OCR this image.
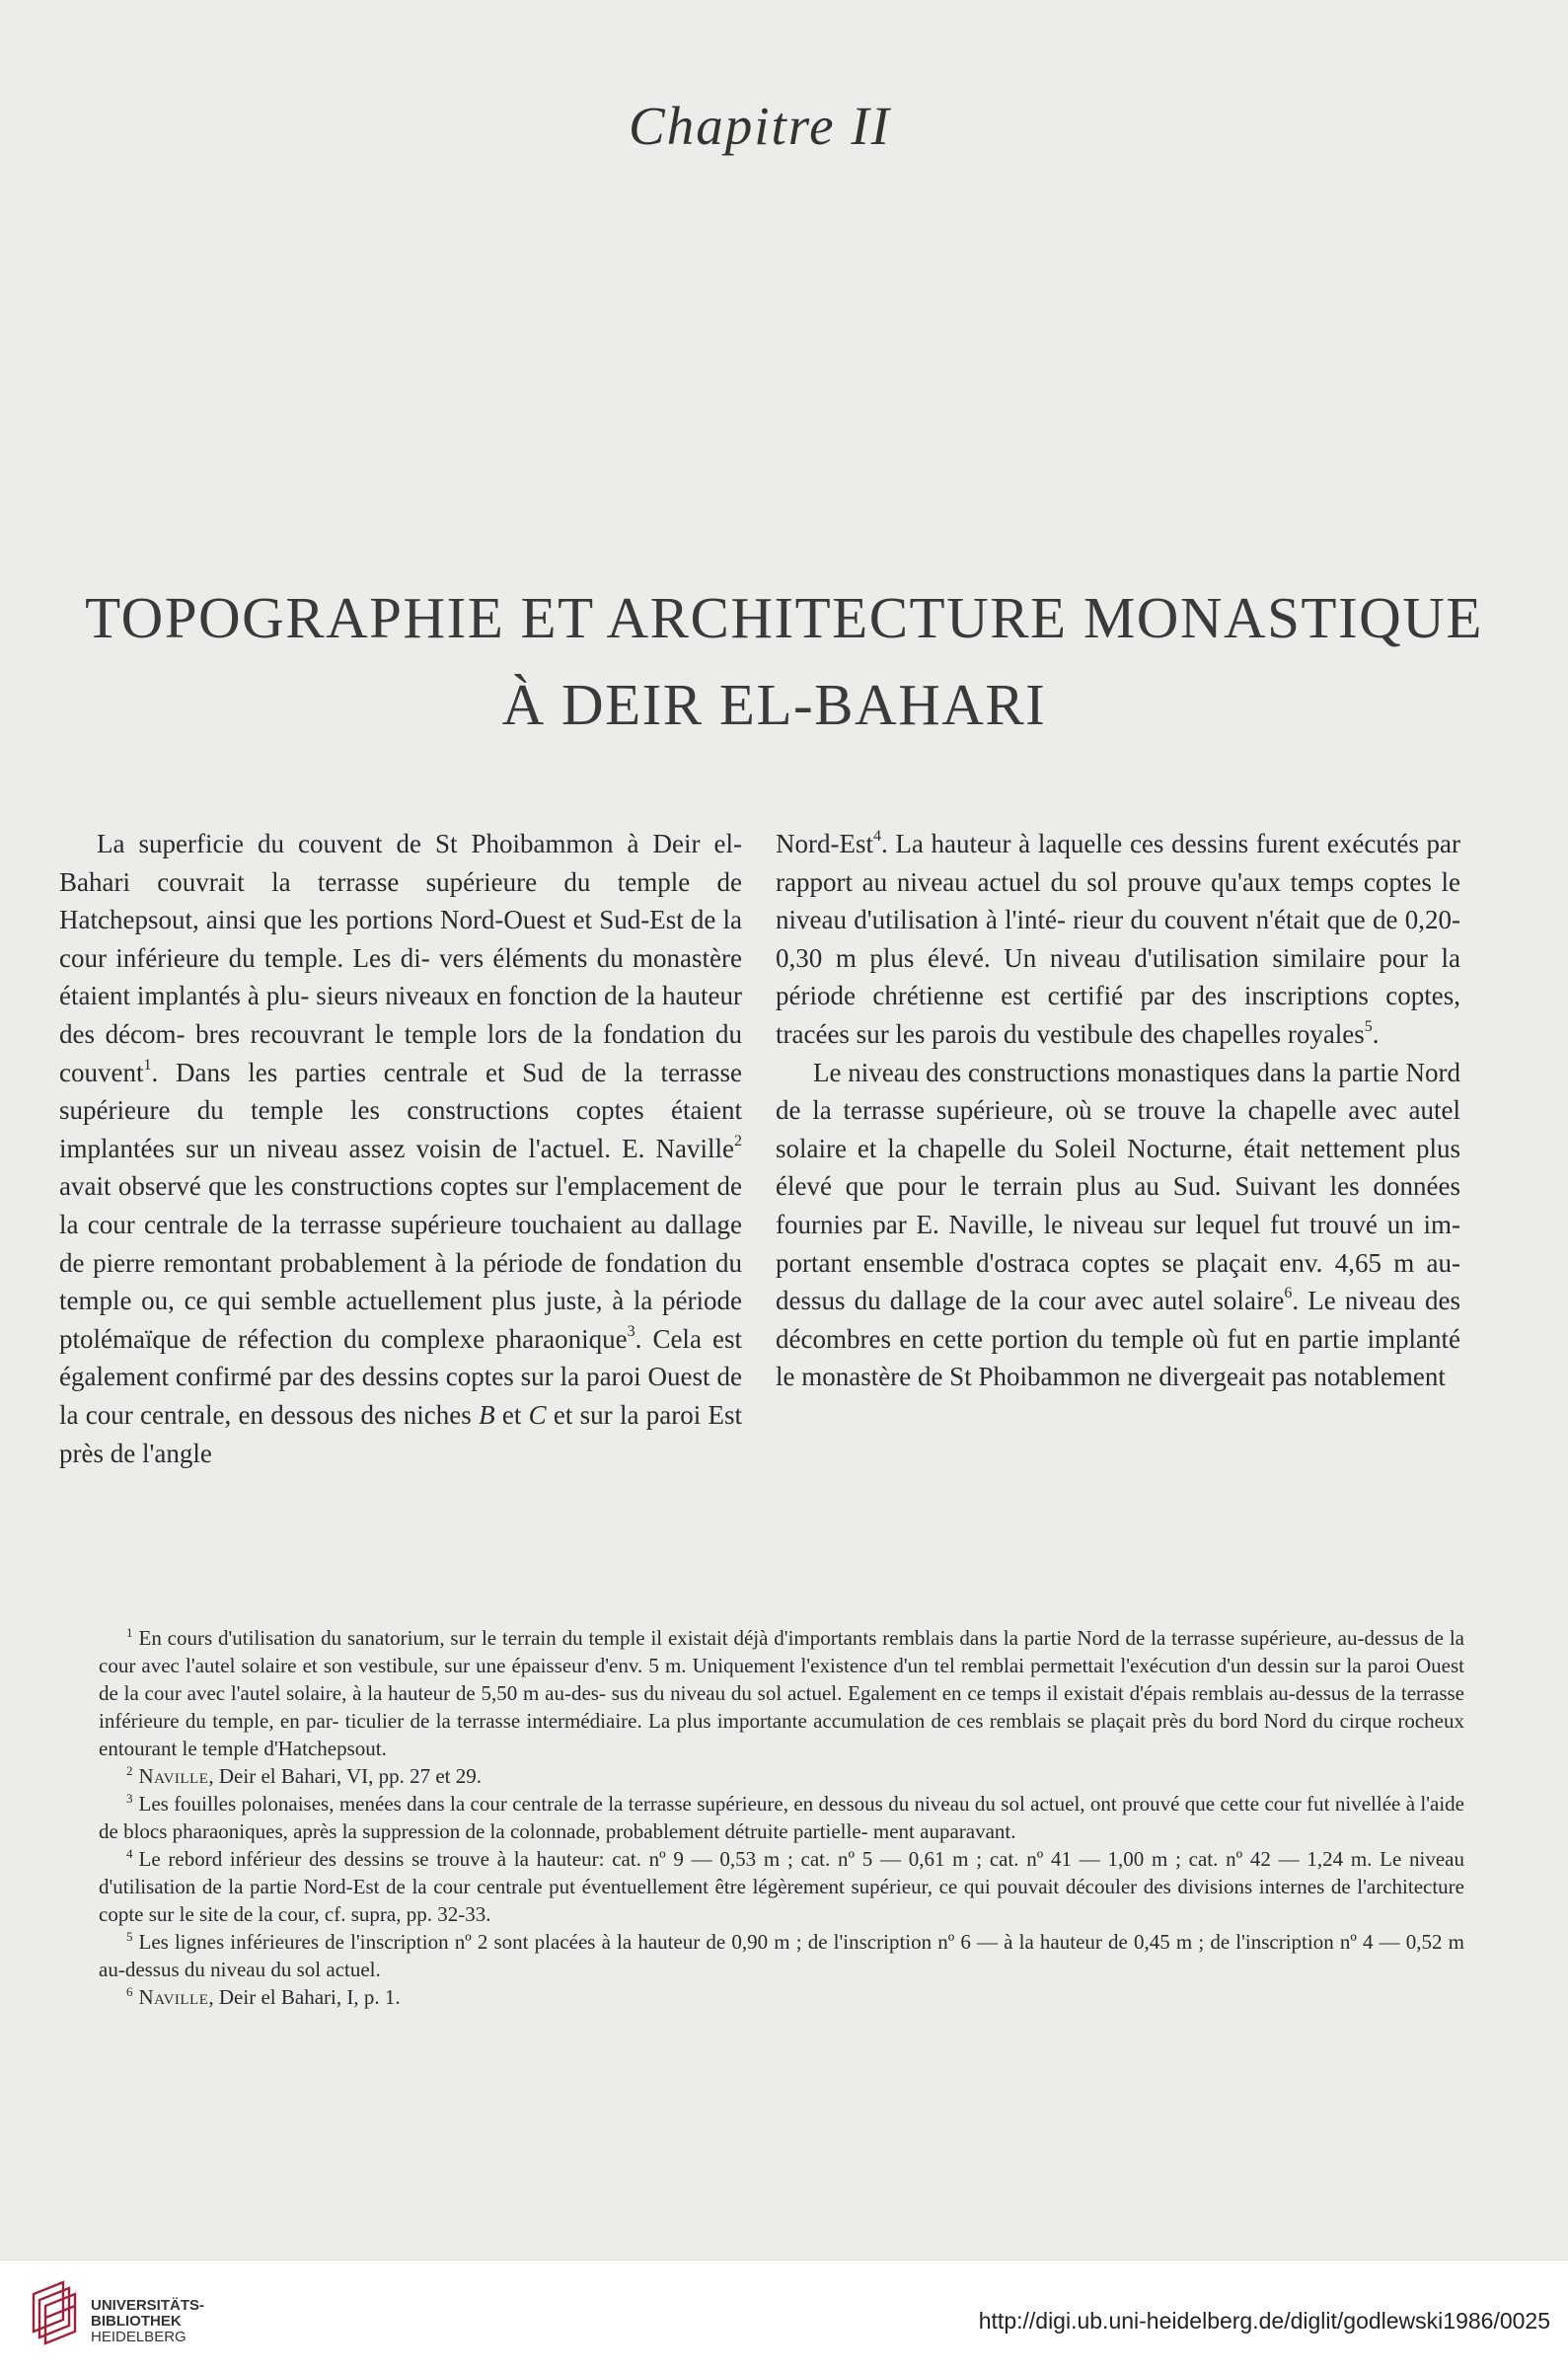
Chapitre II
TOPOGRAPHIE ET ARCHITECTURE MONASTIQUE
À DEIR EL-BAHARI

La superficie du couvent de St Phoibammon à Deir el-Bahari couvrait la terrasse supérieure du temple de Hatchepsout, ainsi que les portions Nord-Ouest et Sud-Est de la cour inférieure du temple. Les di- vers éléments du monastère étaient implantés à plu- sieurs niveaux en fonction de la hauteur des décom- bres recouvrant le temple lors de la fondation du couvent$^1$. Dans les parties centrale et Sud de la terrasse supérieure du temple les constructions coptes étaient implantées sur un niveau assez voisin de l'actuel. E. Naville$^2$ avait observé que les constructions coptes sur l'emplacement de la cour centrale de la terrasse supérieure touchaient au dallage de pierre remontant probablement à la période de fondation du temple ou, ce qui semble actuellement plus juste, à la période ptolémaïque de réfection du complexe pharaonique$^3$. Cela est également confirmé par des dessins coptes sur la paroi Ouest de la cour centrale, en dessous des niches B et C et sur la paroi Est près de l'angle

Nord-Est$^4$. La hauteur à laquelle ces dessins furent exécutés par rapport au niveau actuel du sol prouve qu'aux temps coptes le niveau d'utilisation à l'inté- rieur du couvent n'était que de 0,20-0,30 m plus élevé. Un niveau d'utilisation similaire pour la période chrétienne est certifié par des inscriptions coptes, tracées sur les parois du vestibule des chapelles royales$^5$.

Le niveau des constructions monastiques dans la partie Nord de la terrasse supérieure, où se trouve la chapelle avec autel solaire et la chapelle du Soleil Nocturne, était nettement plus élevé que pour le terrain plus au Sud. Suivant les données fournies par E. Naville, le niveau sur lequel fut trouvé un im- portant ensemble d'ostraca coptes se plaçait env. 4,65 m au-dessus du dallage de la cour avec autel solaire$^6$. Le niveau des décombres en cette portion du temple où fut en partie implanté le monastère de St Phoibammon ne divergeait pas notablement

$^1$ En cours d'utilisation du sanatorium, sur le terrain du temple il existait déjà d'importants remblais dans la partie Nord de la terrasse supérieure, au-dessus de la cour avec l'autel solaire et son vestibule, sur une épaisseur d'env. 5 m. Uniquement l'existence d'un tel remblai permettait l'exécution d'un dessin sur la paroi Ouest de la cour avec l'autel solaire, à la hauteur de 5,50 m au-des- sus du niveau du sol actuel. Egalement en ce temps il existait d'épais remblais au-dessus de la terrasse inférieure du temple, en par- ticulier de la terrasse intermédiaire. La plus importante accumulation de ces remblais se plaçait près du bord Nord du cirque rocheux entourant le temple d'Hatchepsout.

$^2$ Naville, Deir el Bahari, VI, pp. 27 et 29.

$^3$ Les fouilles polonaises, menées dans la cour centrale de la terrasse supérieure, en dessous du niveau du sol actuel, ont prouvé que cette cour fut nivellée à l'aide de blocs pharaoniques, après la suppression de la colonnade, probablement détruite partielle- ment auparavant.

$^4$ Le rebord inférieur des dessins se trouve à la hauteur: cat. nº 9 — 0,53 m ; cat. nº 5 — 0,61 m ; cat. nº 41 — 1,00 m ; cat. nº 42 — 1,24 m. Le niveau d'utilisation de la partie Nord-Est de la cour centrale put éventuellement être légèrement supérieur, ce qui pouvait découler des divisions internes de l'architecture copte sur le site de la cour, cf. supra, pp. 32-33.

$^5$ Les lignes inférieures de l'inscription nº 2 sont placées à la hauteur de 0,90 m ; de l'inscription nº 6 — à la hauteur de 0,45 m ; de l'inscription nº 4 — 0,52 m au-dessus du niveau du sol actuel.

$^6$ Naville, Deir el Bahari, I, p. 1.

UNIVERSITÄTS-
BIBLIOTHEK
HEIDELBERG
http://digi.ub.uni-heidelberg.de/diglit/godlewski1986/0025
